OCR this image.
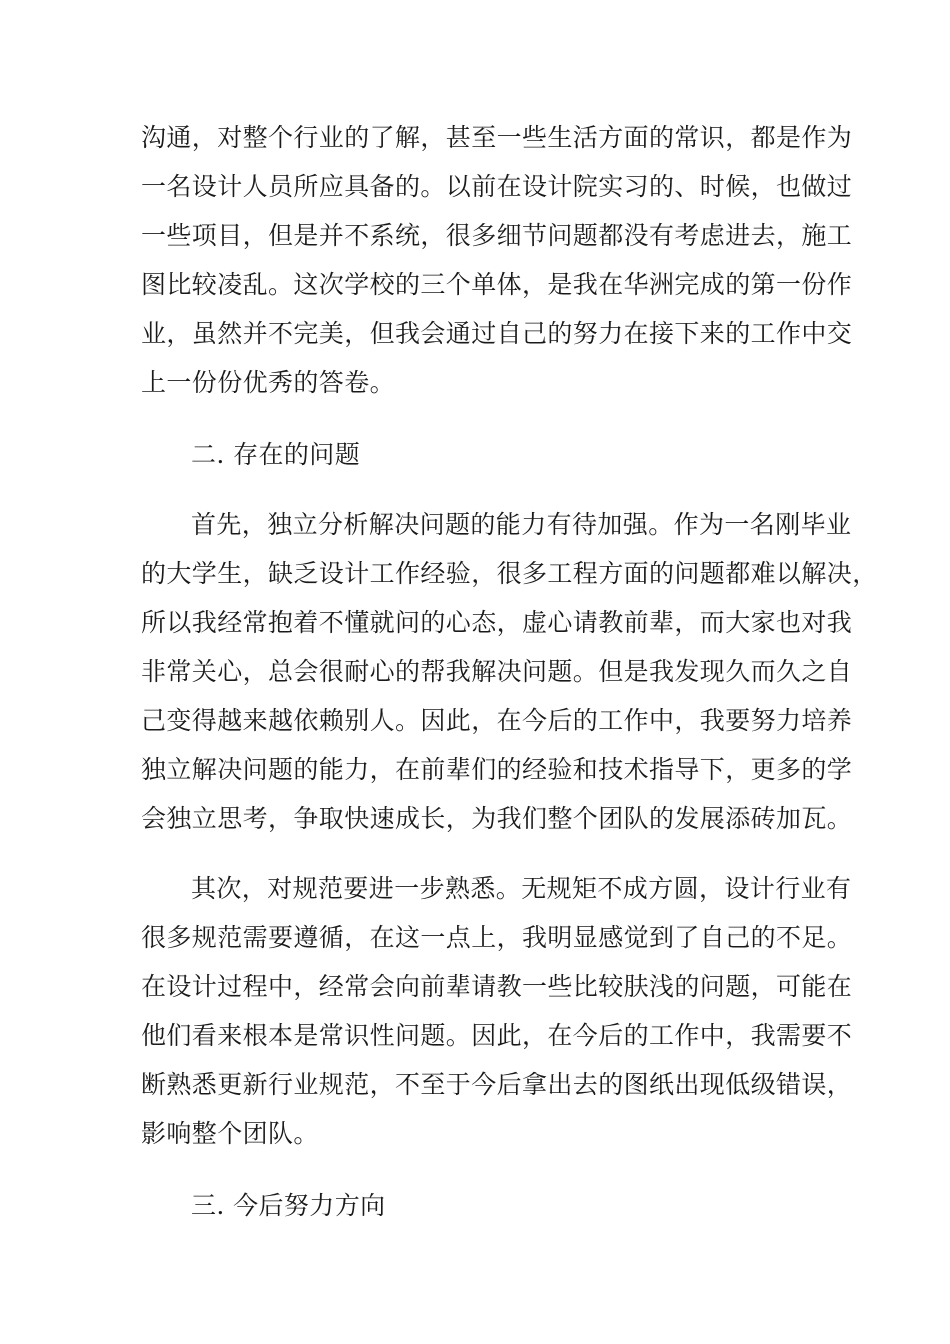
沟通，对整个行业的了解，甚至一些生活方面的常识，都是作为
一名设计人员所应具备的。以前在设计院实习的、时候，也做过
一些项目，但是并不系统，很多细节问题都没有考虑进去，施工
图比较凌乱。这次学校的三个单体，是我在华洲完成的第一份作
业，虽然并不完美，但我会通过自己的努力在接下来的工作中交
上一份份优秀的答卷。
二. 存在的问题
首先，独立分析解决问题的能力有待加强。作为一名刚毕业
的大学生，缺乏设计工作经验，很多工程方面的问题都难以解决，
所以我经常抱着不懂就问的心态，虚心请教前辈，而大家也对我
非常关心，总会很耐心的帮我解决问题。但是我发现久而久之自
己变得越来越依赖别人。因此，在今后的工作中，我要努力培养
独立解决问题的能力，在前辈们的经验和技术指导下，更多的学
会独立思考，争取快速成长，为我们整个团队的发展添砖加瓦。
其次，对规范要进一步熟悉。无规矩不成方圆，设计行业有
很多规范需要遵循，在这一点上，我明显感觉到了自己的不足。
在设计过程中，经常会向前辈请教一些比较肤浅的问题，可能在
他们看来根本是常识性问题。因此，在今后的工作中，我需要不
断熟悉更新行业规范，不至于今后拿出去的图纸出现低级错误，
影响整个团队。
三. 今后努力方向
